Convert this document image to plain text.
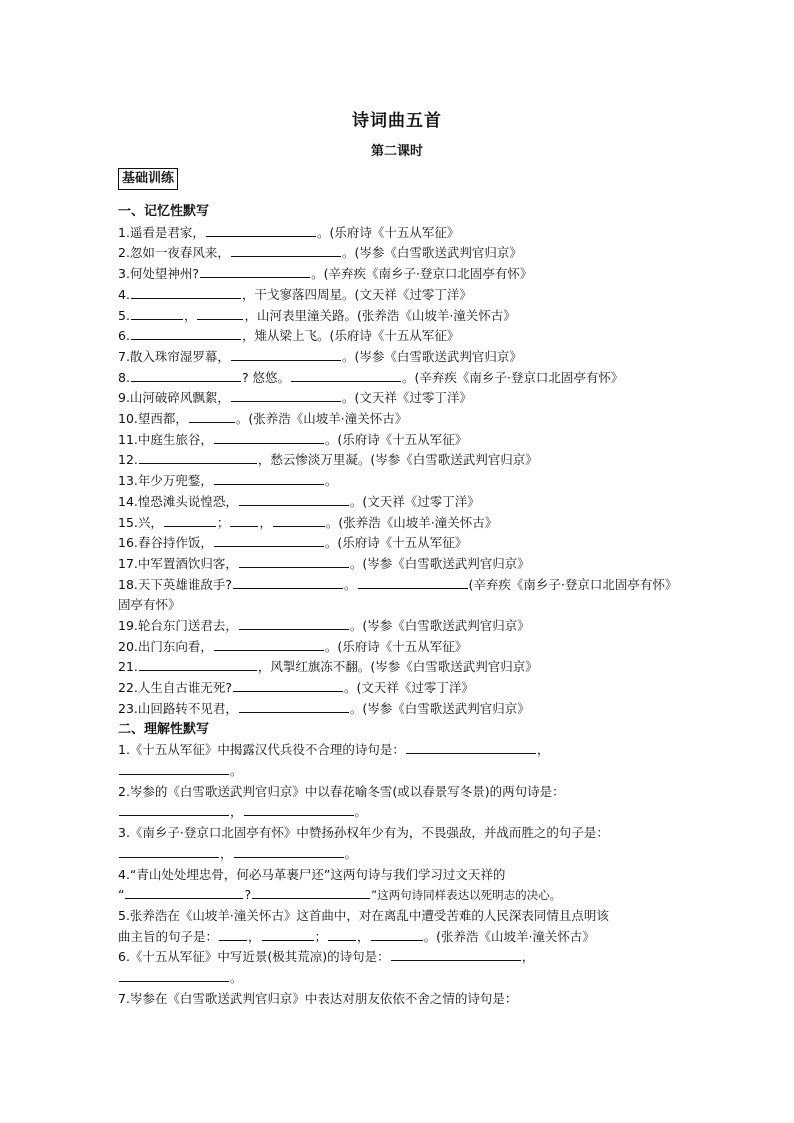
诗词曲五首
第二课时
基础训练
一、记忆性默写
1.遥看是君家，	。(乐府诗《十五从军征》
2.忽如一夜春风来，	。(岑参《白雪歌送武判官归京》
3.何处望神州?	。(辛弃疾《南乡子·登京口北固亭有怀》
4.	，干戈寥落四周星。(文天祥《过零丁洋》
5.	，	，山河表里潼关路。(张养浩《山坡羊·潼关怀古》
6.	，雉从梁上飞。(乐府诗《十五从军征》
7.散入珠帘湿罗幕，	。(岑参《白雪歌送武判官归京》
8.	? 悠悠。	。(辛弃疾《南乡子·登京口北固亭有怀》
9.山河破碎风飘絮，	。(文天祥《过零丁洋》
10.望西都，	。(张养浩《山坡羊·潼关怀古》
11.中庭生旅谷，	。(乐府诗《十五从军征》
12.	，愁云惨淡万里凝。(岑参《白雪歌送武判官归京》
13.年少万兜鍪，	。
14.惶恐滩头说惶恐，	。(文天祥《过零丁洋》
15.兴，	； ，	。(张养浩《山坡羊·潼关怀古》
16.舂谷持作饭，	。(乐府诗《十五从军征》
17.中军置酒饮归客，	。(岑参《白雪歌送武判官归京》
18.天下英雄谁敌手?	。	(辛弃疾《南乡子·登京口北固亭有怀》
固亭有怀》
19.轮台东门送君去，	。(岑参《白雪歌送武判官归京》
20.出门东向看，	。(乐府诗《十五从军征》
21.	，风掣红旗冻不翻。(岑参《白雪歌送武判官归京》
22.人生自古谁无死?	。(文天祥《过零丁洋》
23.山回路转不见君，	。(岑参《白雪歌送武判官归京》
二、理解性默写
1.《十五从军征》中揭露汉代兵役不合理的诗句是：	，
。
2.岑参的《白雪歌送武判官归京》中以春花喻冬雪(或以春景写冬景)的两句诗是：
，	。
3.《南乡子·登京口北固亭有怀》中赞扬孙权年少有为，不畏强敌，并战而胜之的句子是：
，	。
4.“青山处处埋忠骨，何必马革裹尸还”这两句诗与我们学习过文天祥的
“	?	”这两句诗同样表达以死明志的决心。
5.张养浩在《山坡羊·潼关怀古》这首曲中，对在离乱中遭受苦难的人民深表同情且点明该
曲主旨的句子是： ，	； ，	。(张养浩《山坡羊·潼关怀古》
6.《十五从军征》中写近景(极其荒凉)的诗句是：	，
。
7.岑参在《白雪歌送武判官归京》中表达对朋友依依不舍之情的诗句是：
